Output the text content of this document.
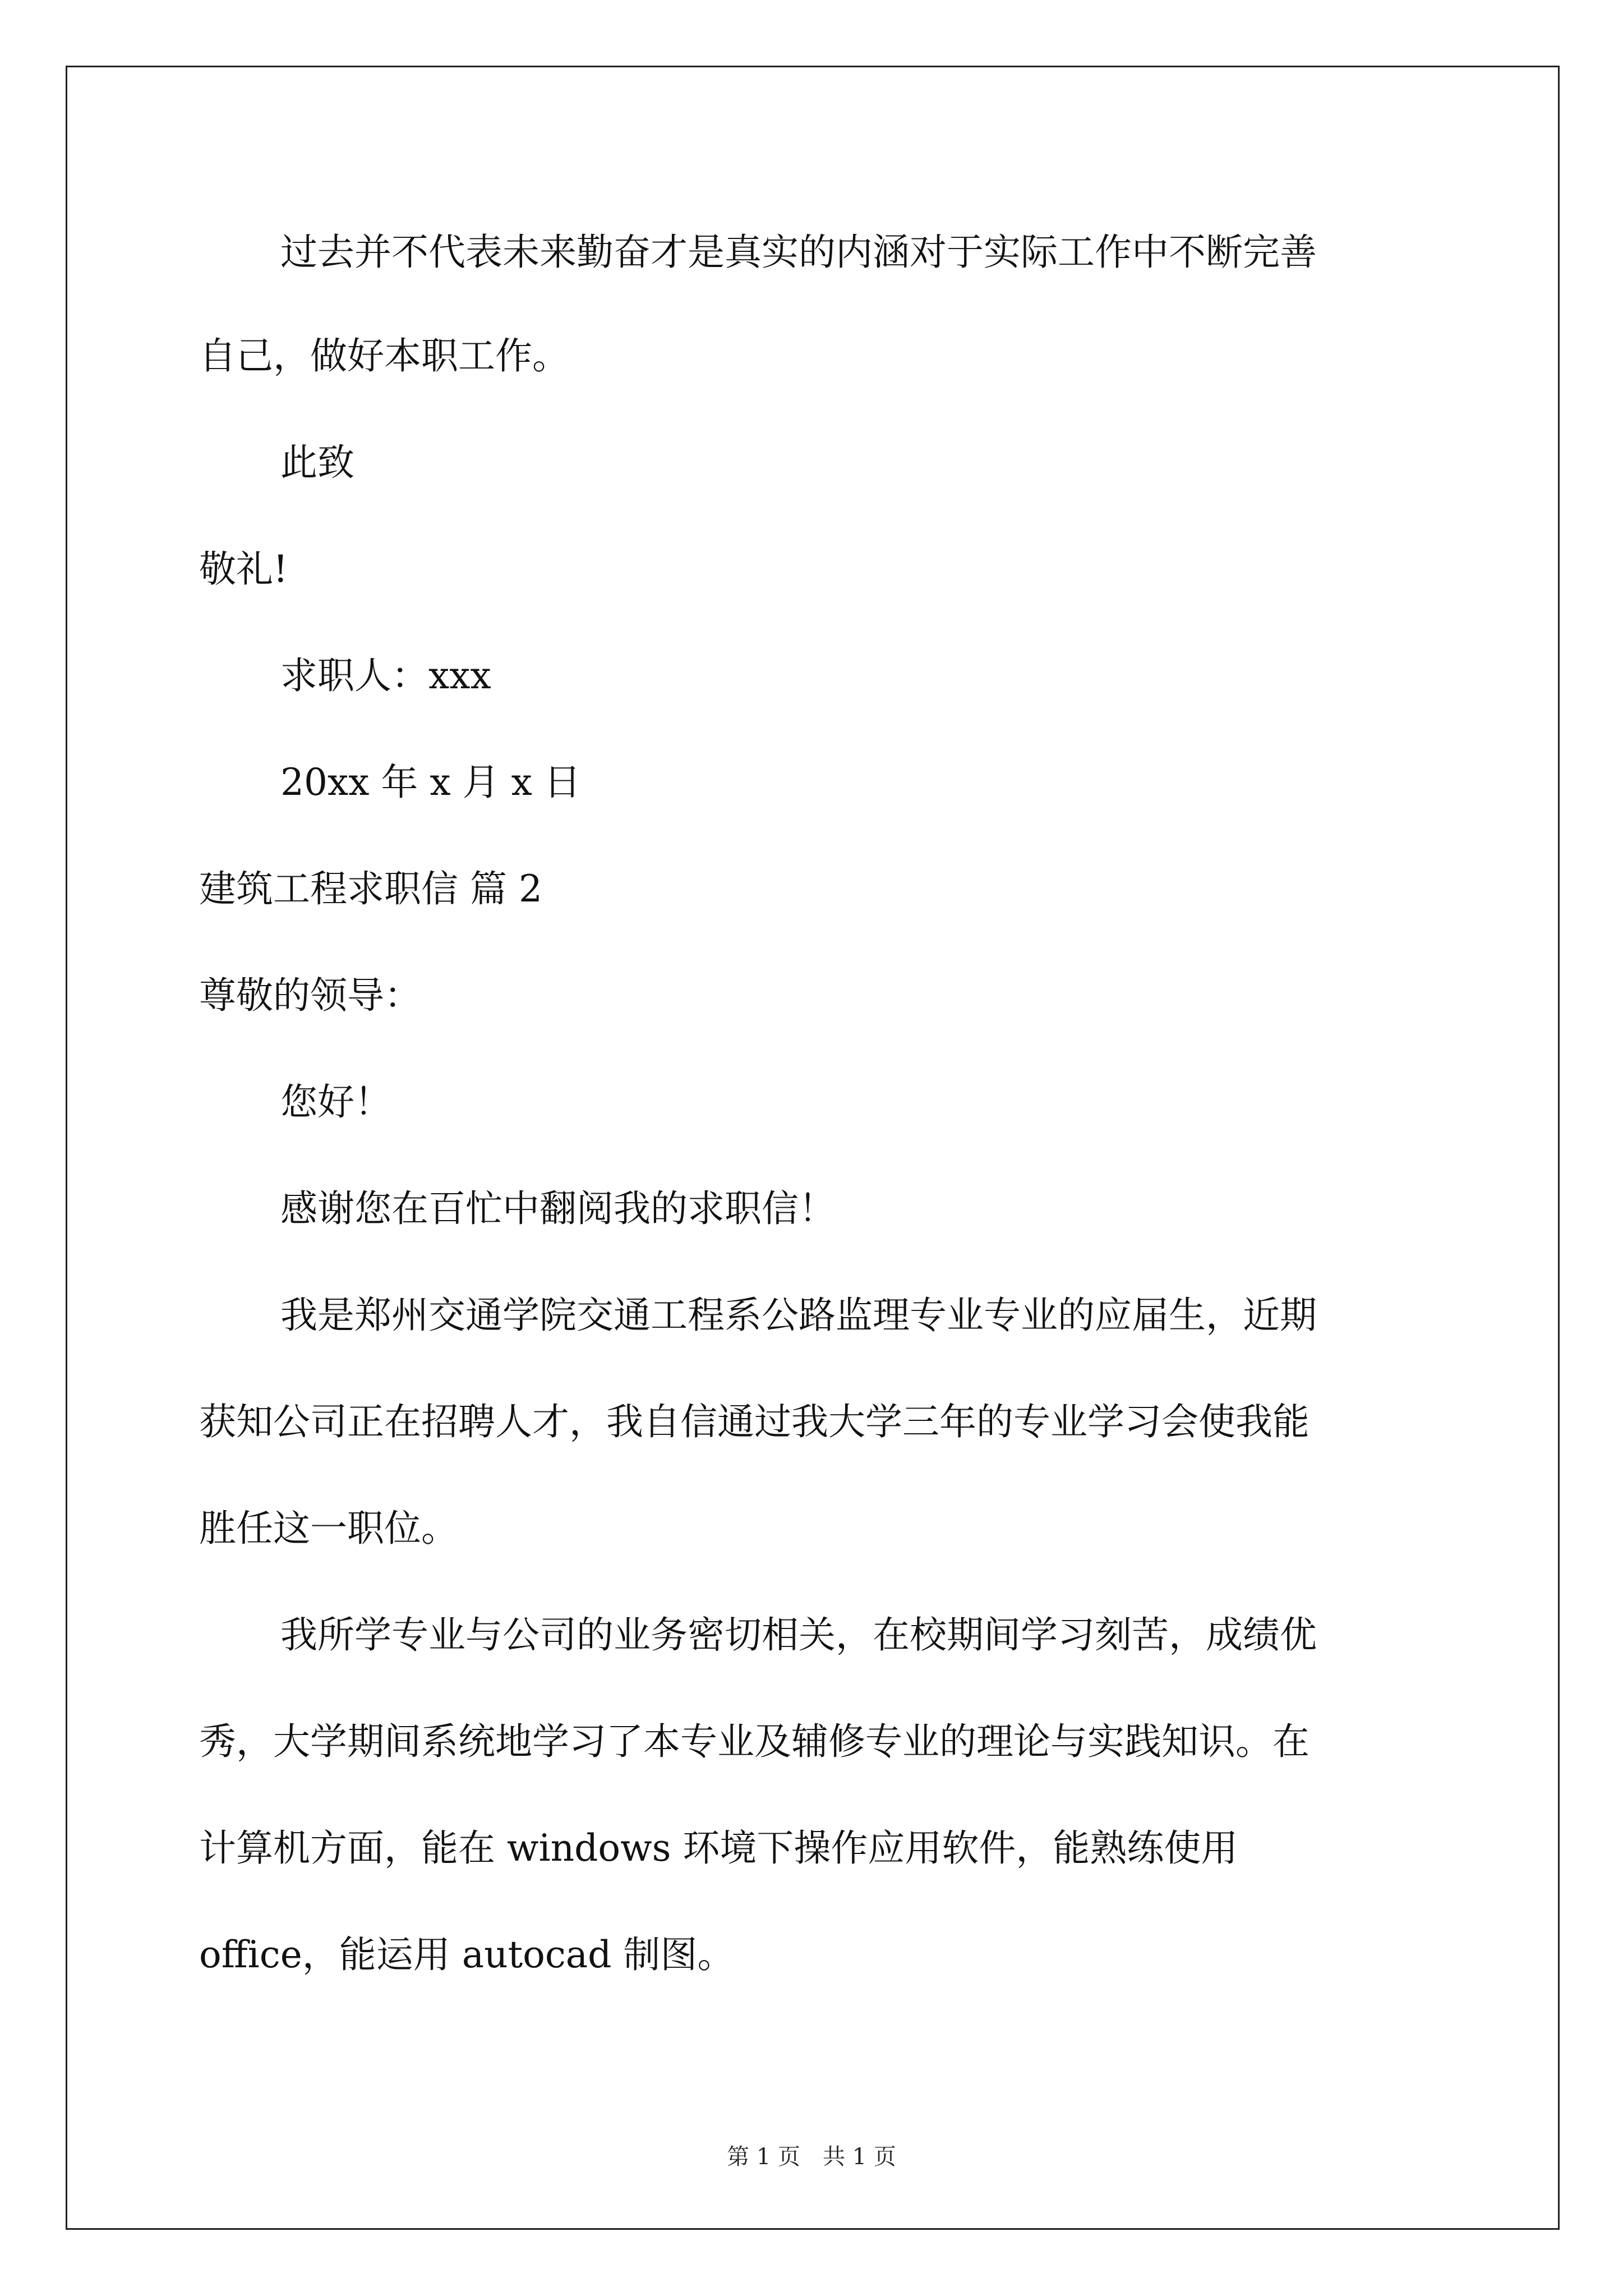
过去并不代表未来勤奋才是真实的内涵对于实际工作中不断完善
自己，做好本职工作。
此致
敬礼!
求职人：xxx
20xx 年 x 月 x 日
建筑工程求职信 篇 2
尊敬的领导：
您好！
感谢您在百忙中翻阅我的求职信！
我是郑州交通学院交通工程系公路监理专业专业的应届生，近期
获知公司正在招聘人才，我自信通过我大学三年的专业学习会使我能
胜任这一职位。
我所学专业与公司的业务密切相关，在校期间学习刻苦，成绩优
秀，大学期间系统地学习了本专业及辅修专业的理论与实践知识。在
计算机方面，能在 windows 环境下操作应用软件，能熟练使用
office，能运用 autocad 制图。
第 1 页　共 1 页
